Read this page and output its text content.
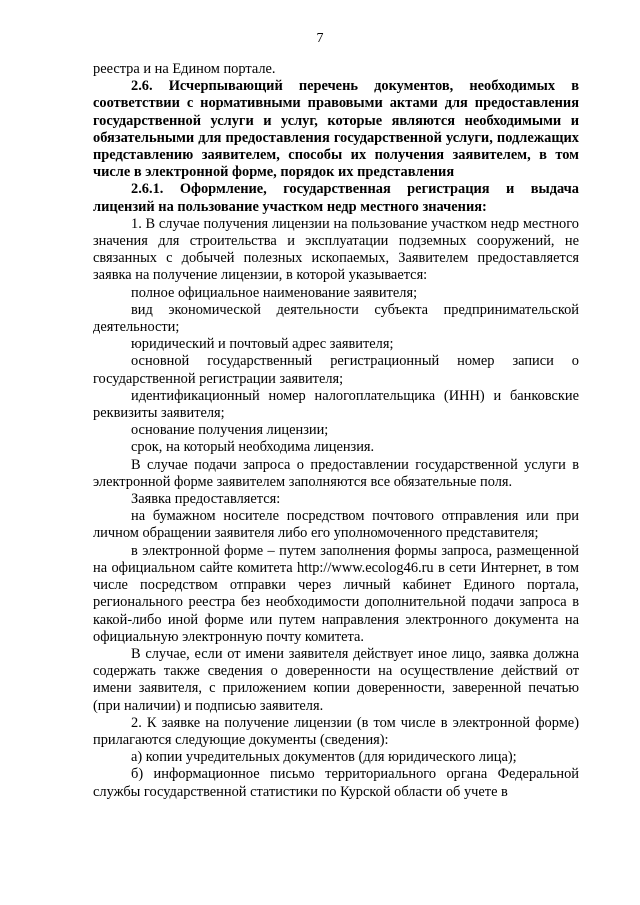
7

реестра и на Едином портале.

2.6. Исчерпывающий перечень документов, необходимых в соответствии с нормативными правовыми актами для предоставления государственной услуги и услуг, которые являются необходимыми и обязательными для предоставления государственной услуги, подлежащих представлению заявителем, способы их получения заявителем, в том числе в электронной форме, порядок их представления

2.6.1. Оформление, государственная регистрация и выдача лицензий на пользование участком недр местного значения:

1. В случае получения лицензии на пользование участком недр местного значения для строительства и эксплуатации подземных сооружений, не связанных с добычей полезных ископаемых, Заявителем предоставляется заявка на получение лицензии, в которой указывается:

полное официальное наименование заявителя;

вид экономической деятельности субъекта предпринимательской деятельности;

юридический и почтовый адрес заявителя;

основной государственный регистрационный номер записи о государственной регистрации заявителя;

идентификационный номер налогоплательщика (ИНН) и банковские реквизиты заявителя;

основание получения лицензии;

срок, на который необходима лицензия.

В случае подачи запроса о предоставлении государственной услуги в электронной форме заявителем заполняются все обязательные поля.

Заявка предоставляется:

на бумажном носителе посредством почтового отправления или при личном обращении заявителя либо его уполномоченного представителя;

в электронной форме – путем заполнения формы запроса, размещенной на официальном сайте комитета http://www.ecolog46.ru в сети Интернет, в том числе посредством отправки через личный кабинет Единого портала, регионального реестра без необходимости дополнительной подачи запроса в какой-либо иной форме или путем направления электронного документа на официальную электронную почту комитета.

В случае, если от имени заявителя действует иное лицо, заявка должна содержать также сведения о доверенности на осуществление действий от имени заявителя, с приложением копии доверенности, заверенной печатью (при наличии) и подписью заявителя.

2. К заявке на получение лицензии (в том числе в электронной форме) прилагаются следующие документы (сведения):

а) копии учредительных документов (для юридического лица);

б) информационное письмо территориального органа Федеральной службы государственной статистики по Курской области об учете в
